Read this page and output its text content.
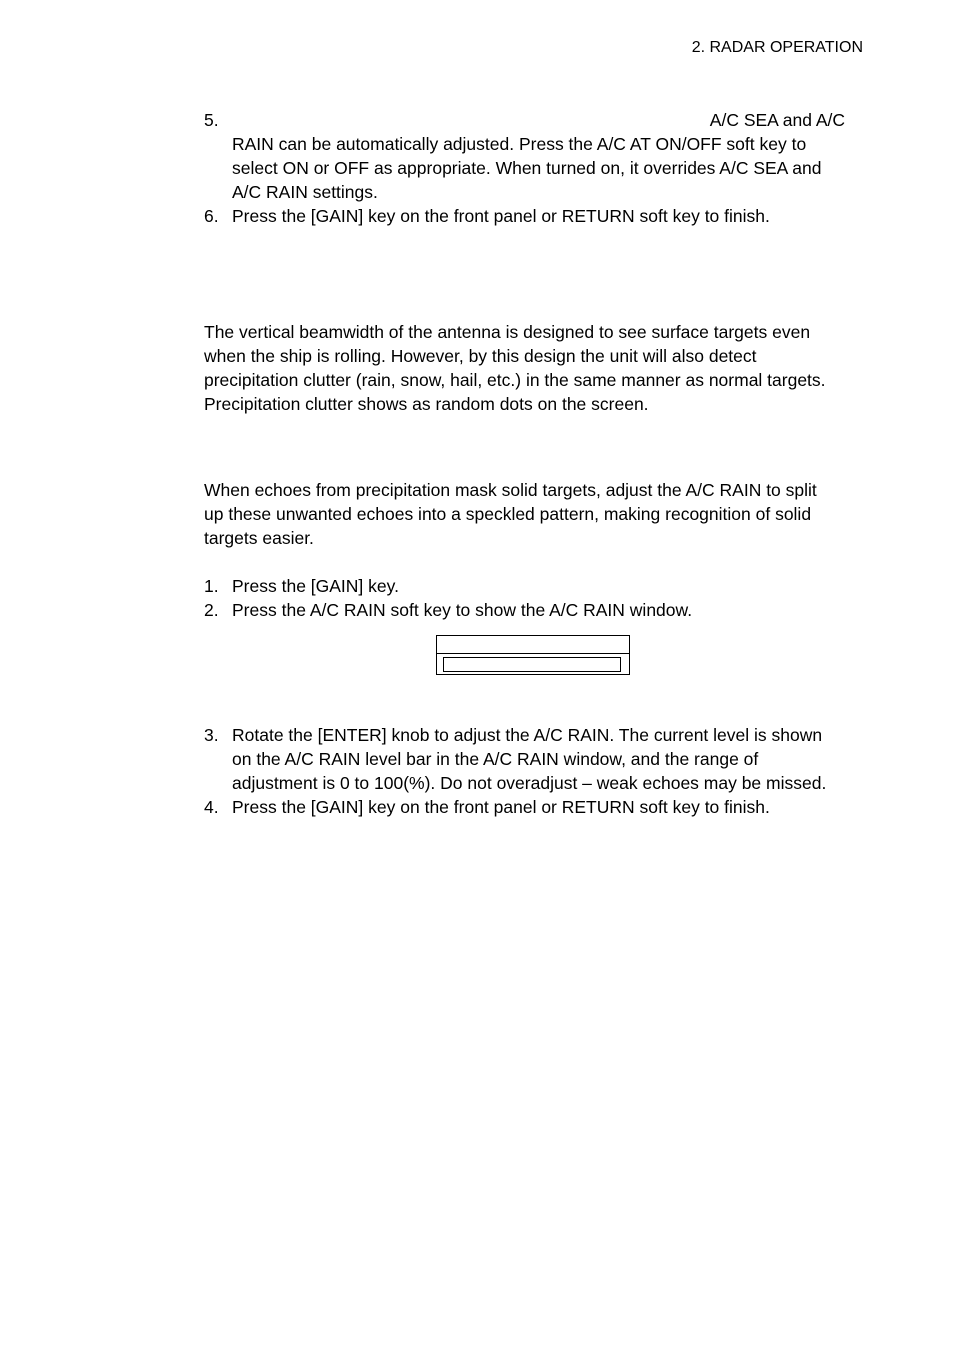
2. RADAR OPERATION
5.	A/C SEA and A/C
RAIN can be automatically adjusted. Press the A/C AT ON/OFF soft key to
select ON or OFF as appropriate. When turned on, it overrides A/C SEA and
A/C RAIN settings.
6. Press the [GAIN] key on the front panel or RETURN soft key to finish.
The vertical beamwidth of the antenna is designed to see surface targets even
when the ship is rolling. However, by this design the unit will also detect
precipitation clutter (rain, snow, hail, etc.) in the same manner as normal targets.
Precipitation clutter shows as random dots on the screen.
When echoes from precipitation mask solid targets, adjust the A/C RAIN to split
up these unwanted echoes into a speckled pattern, making recognition of solid
targets easier.
1. Press the [GAIN] key.
2. Press the A/C RAIN soft key to show the A/C RAIN window.
3. Rotate the [ENTER] knob to adjust the A/C RAIN. The current level is shown
on the A/C RAIN level bar in the A/C RAIN window, and the range of
adjustment is 0 to 100(%). Do not overadjust – weak echoes may be missed.
4. Press the [GAIN] key on the front panel or RETURN soft key to finish.
